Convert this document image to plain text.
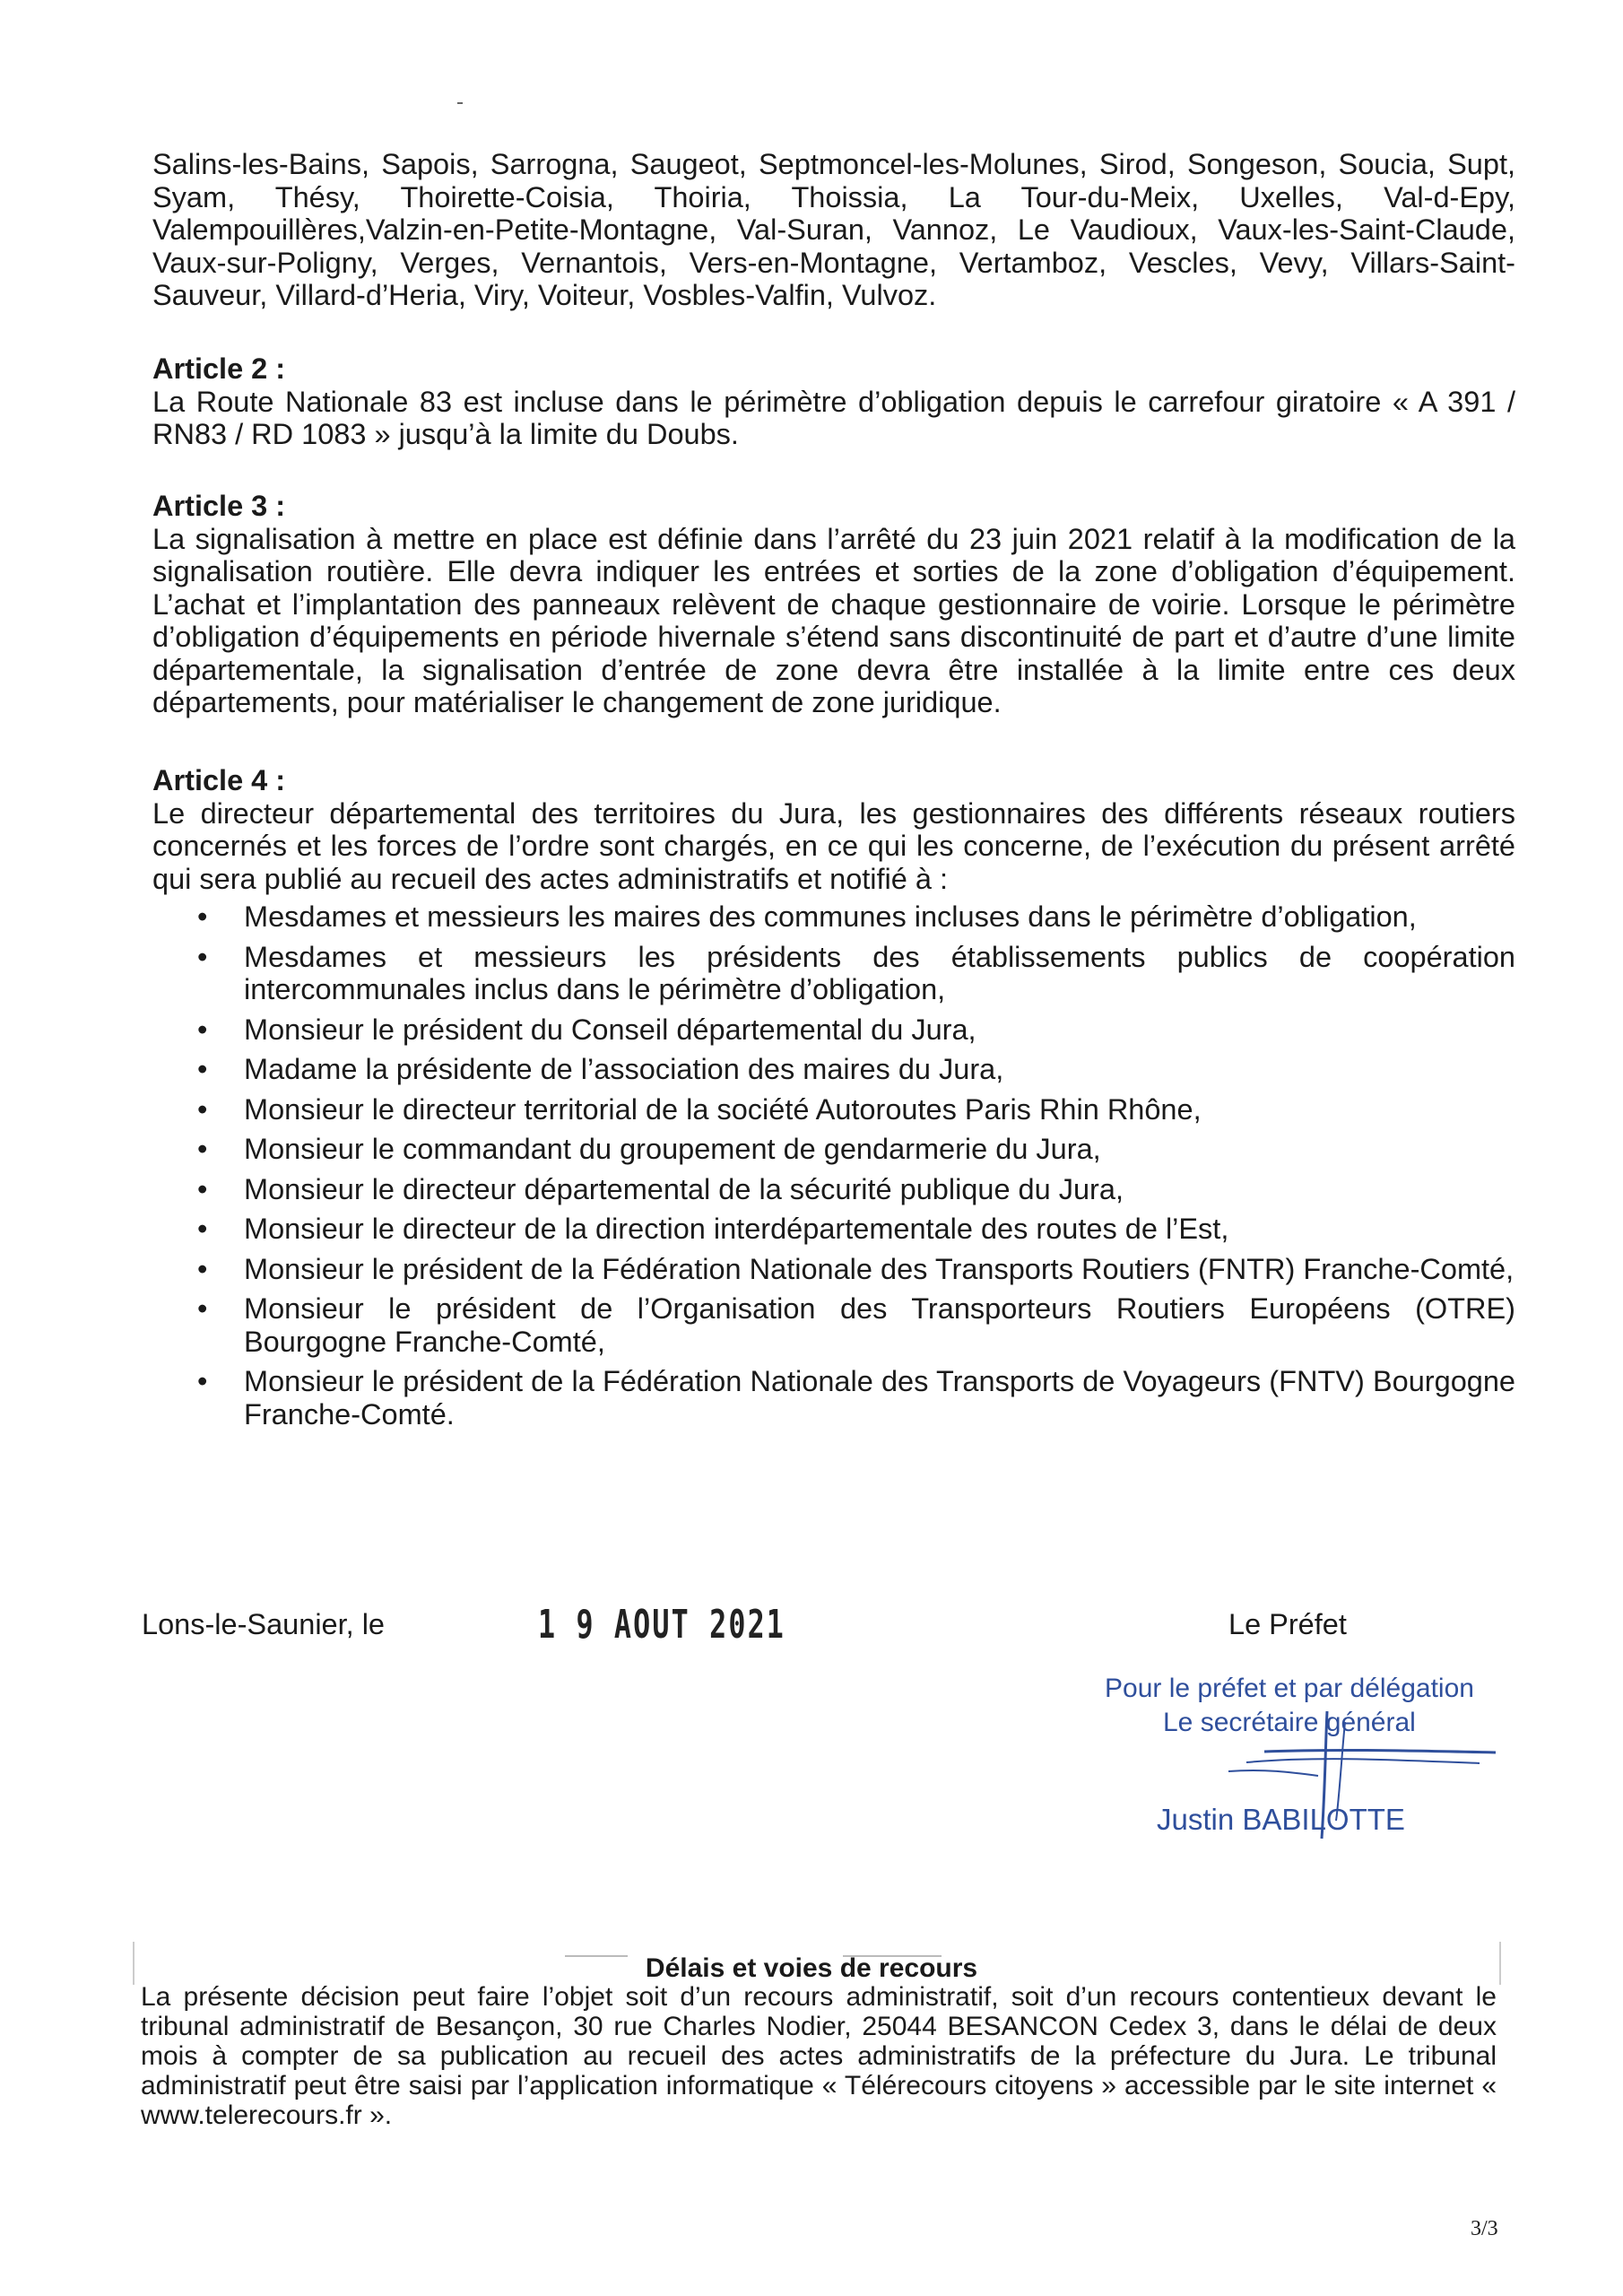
Salins-les-Bains, Sapois, Sarrogna, Saugeot, Septmoncel-les-Molunes, Sirod, Songeson, Soucia, Supt, Syam, Thésy, Thoirette-Coisia, Thoiria, Thoissia, La Tour-du-Meix, Uxelles, Val-d-Epy, Valempouillères,Valzin-en-Petite-Montagne, Val-Suran, Vannoz, Le Vaudioux, Vaux-les-Saint-Claude, Vaux-sur-Poligny, Verges, Vernantois, Vers-en-Montagne, Vertamboz, Vescles, Vevy, Villars-Saint-Sauveur, Villard-d’Heria, Viry, Voiteur, Vosbles-Valfin, Vulvoz.
Article 2 :
La Route Nationale 83 est incluse dans le périmètre d’obligation depuis le carrefour giratoire « A 391 / RN83 / RD 1083 » jusqu’à la limite du Doubs.
Article 3 :
La signalisation à mettre en place est définie dans l’arrêté du 23 juin 2021 relatif à la modification de la signalisation routière. Elle devra indiquer les entrées et sorties de la zone d’obligation d’équipement. L’achat et l’implantation des panneaux relèvent de chaque gestionnaire de voirie. Lorsque le périmètre d’obligation d’équipements en période hivernale s’étend sans discontinuité de part et d’autre d’une limite départementale, la signalisation d’entrée de zone devra être installée à la limite entre ces deux départements, pour matérialiser le changement de zone juridique.
Article 4 :
Le directeur départemental des territoires du Jura, les gestionnaires des différents réseaux routiers concernés et les forces de l’ordre sont chargés, en ce qui les concerne, de l’exécution du présent arrêté qui sera publié au recueil des actes administratifs et notifié à :
•	Mesdames et messieurs les maires des communes incluses dans le périmètre d’obligation,
•	Mesdames et messieurs les présidents des établissements publics de coopération intercommunales inclus dans le périmètre d’obligation,
•	Monsieur le président du Conseil départemental du Jura,
•	Madame la présidente de l’association des maires du Jura,
•	Monsieur le directeur territorial de la société Autoroutes Paris Rhin Rhône,
•	Monsieur le commandant du groupement de gendarmerie du Jura,
•	Monsieur le directeur départemental de la sécurité publique du Jura,
•	Monsieur le directeur de la direction interdépartementale des routes de l’Est,
•	Monsieur le président de la Fédération Nationale des Transports Routiers (FNTR) Franche-Comté,
•	Monsieur le président de l’Organisation des Transporteurs Routiers Européens (OTRE) Bourgogne Franche-Comté,
•	Monsieur le président de la Fédération Nationale des Transports de Voyageurs (FNTV) Bourgogne Franche-Comté.
Lons-le-Saunier, le	1 9 AOUT 2021	Le Préfet
Pour le préfet et par délégation
Le secrétaire général
Justin BABILOTTE
Délais et voies de recours
La présente décision peut faire l’objet soit d’un recours administratif, soit d’un recours contentieux devant le tribunal administratif de Besançon, 30 rue Charles Nodier, 25044 BESANCON Cedex 3, dans le délai de deux mois à compter de sa publication au recueil des actes administratifs de la préfecture du Jura. Le tribunal administratif peut être saisi par l’application informatique « Télérecours citoyens » accessible par le site internet « www.telerecours.fr ».
3/3
